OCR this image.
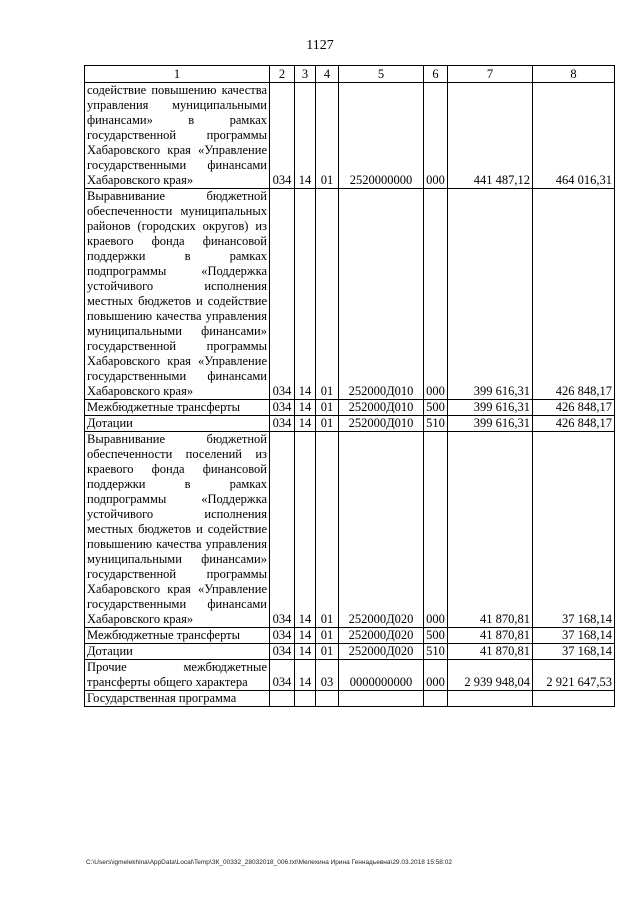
1127
1	2	3	4	5	6	7	8
содействие повышению качества управления муниципальными финансами» в рамках государственной программы Хабаровского края «Управление государственными финансами Хабаровского края»	034	14	01	2520000000	000	441 487,12	464 016,31
Выравнивание бюджетной обеспеченности муниципальных районов (городских округов) из краевого фонда финансовой поддержки в рамках подпрограммы «Поддержка устойчивого исполнения местных бюджетов и содействие повышению качества управления муниципальными финансами» государственной программы Хабаровского края «Управление государственными финансами Хабаровского края»	034	14	01	252000Д010	000	399 616,31	426 848,17
Межбюджетные трансферты	034	14	01	252000Д010	500	399 616,31	426 848,17
Дотации	034	14	01	252000Д010	510	399 616,31	426 848,17
Выравнивание бюджетной обеспеченности поселений из краевого фонда финансовой поддержки в рамках подпрограммы «Поддержка устойчивого исполнения местных бюджетов и содействие повышению качества управления муниципальными финансами» государственной программы Хабаровского края «Управление государственными финансами Хабаровского края»	034	14	01	252000Д020	000	41 870,81	37 168,14
Межбюджетные трансферты	034	14	01	252000Д020	500	41 870,81	37 168,14
Дотации	034	14	01	252000Д020	510	41 870,81	37 168,14
Прочие межбюджетные трансферты общего характера	034	14	03	0000000000	000	2 939 948,04	2 921 647,53
Государственная программа							
C:\Users\igmelekhina\AppData\Local\Temp\ЗК_00332_28032018_006.txt\Мелехина Ирина Геннадьевна\29.03.2018 15:58:02
